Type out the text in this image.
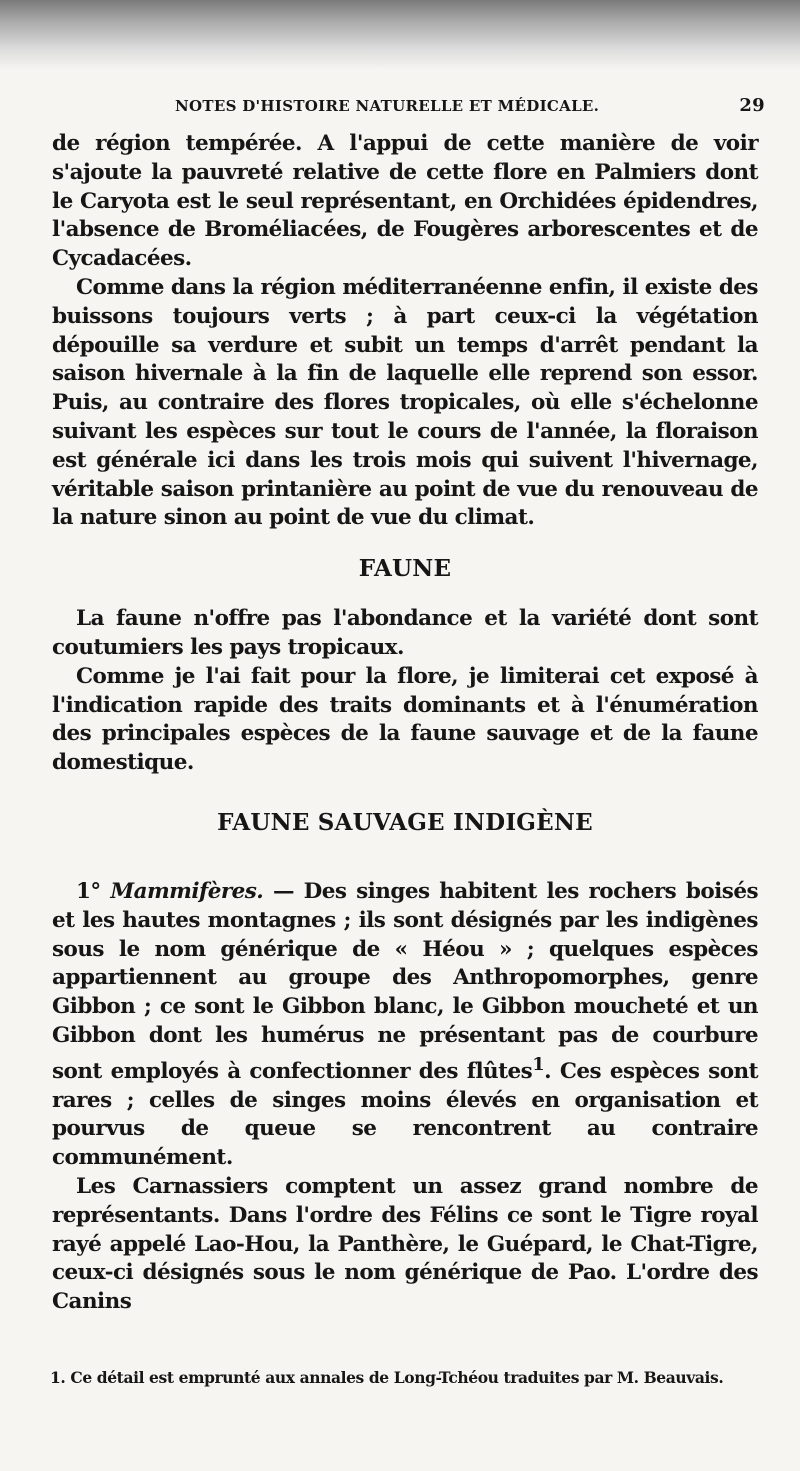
NOTES D'HISTOIRE NATURELLE ET MÉDICALE.	29

de région tempérée. A l'appui de cette manière de voir s'ajoute la pauvreté relative de cette flore en Palmiers dont le Caryota est le seul représentant, en Orchidées épidendres, l'absence de Broméliacées, de Fougères arborescentes et de Cycadacées.

Comme dans la région méditerranéenne enfin, il existe des buissons toujours verts ; à part ceux-ci la végétation dépouille sa verdure et subit un temps d'arrêt pendant la saison hivernale à la fin de laquelle elle reprend son essor. Puis, au contraire des flores tropicales, où elle s'échelonne suivant les espèces sur tout le cours de l'année, la floraison est générale ici dans les trois mois qui suivent l'hivernage, véritable saison printanière au point de vue du renouveau de la nature sinon au point de vue du climat.

FAUNE

La faune n'offre pas l'abondance et la variété dont sont coutumiers les pays tropicaux.

Comme je l'ai fait pour la flore, je limiterai cet exposé à l'indication rapide des traits dominants et à l'énumération des principales espèces de la faune sauvage et de la faune domestique.

FAUNE SAUVAGE INDIGÈNE

1° Mammifères. — Des singes habitent les rochers boisés et les hautes montagnes ; ils sont désignés par les indigènes sous le nom générique de « Héou » ; quelques espèces appartiennent au groupe des Anthropomorphes, genre Gibbon ; ce sont le Gibbon blanc, le Gibbon moucheté et un Gibbon dont les humérus ne présentant pas de courbure sont employés à confectionner des flûtes$^1$. Ces espèces sont rares ; celles de singes moins élevés en organisation et pourvus de queue se rencontrent au contraire communément.

Les Carnassiers comptent un assez grand nombre de représentants. Dans l'ordre des Félins ce sont le Tigre royal rayé appelé Lao-Hou, la Panthère, le Guépard, le Chat-Tigre, ceux-ci désignés sous le nom générique de Pao. L'ordre des Canins

1. Ce détail est emprunté aux annales de Long-Tchéou traduites par M. Beauvais.
